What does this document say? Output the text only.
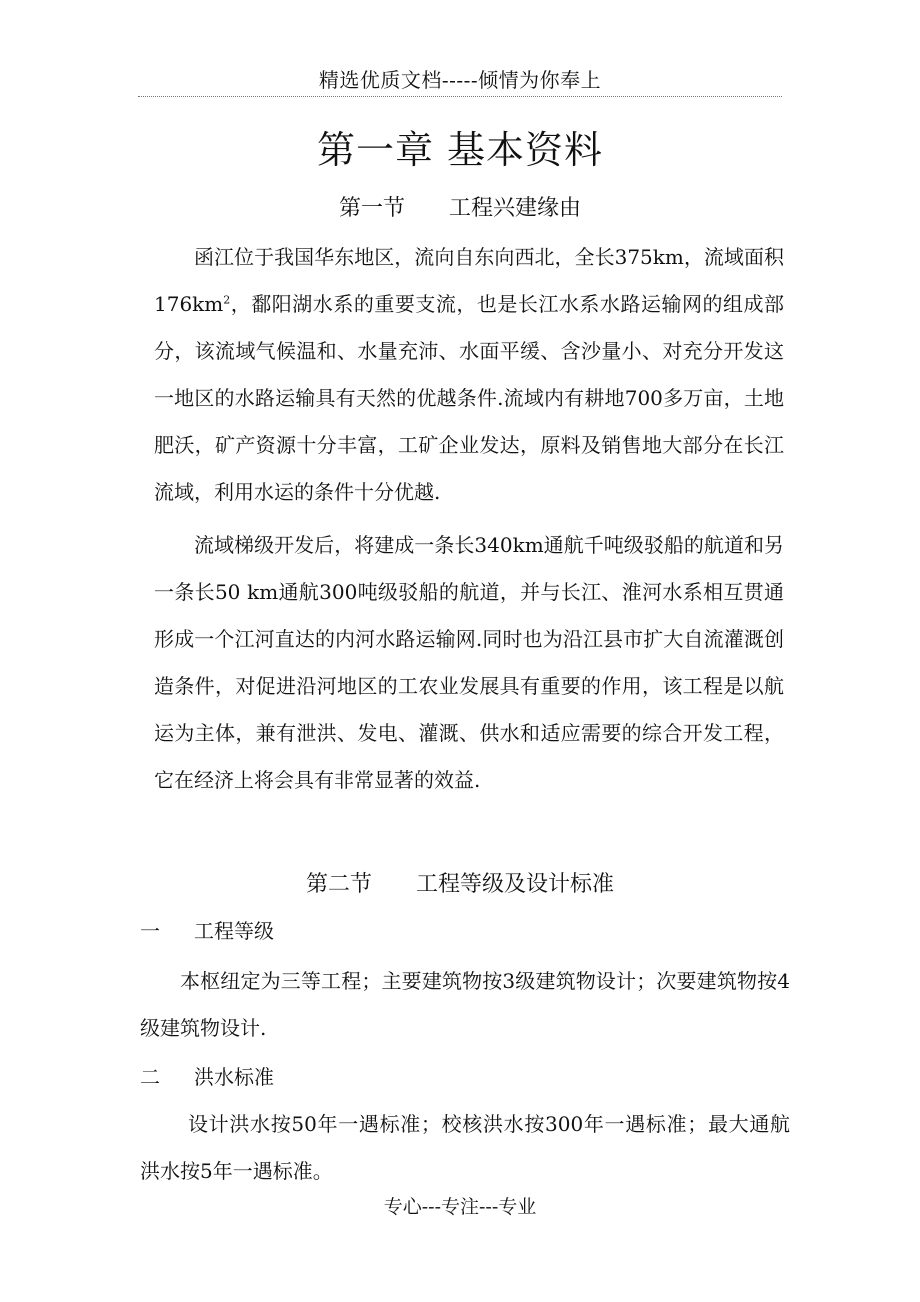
精选优质文档-----倾情为你奉上
第一章 基本资料
第一节 工程兴建缘由
函江位于我国华东地区，流向自东向西北，全长375km，流域面积$176km^2$，鄱阳湖水系的重要支流，也是长江水系水路运输网的组成部分，该流域气候温和、水量充沛、水面平缓、含沙量小、对充分开发这一地区的水路运输具有天然的优越条件.流域内有耕地700多万亩，土地肥沃，矿产资源十分丰富，工矿企业发达，原料及销售地大部分在长江流域，利用水运的条件十分优越.
流域梯级开发后，将建成一条长340km通航千吨级驳船的航道和另一条长50 km通航300吨级驳船的航道，并与长江、淮河水系相互贯通形成一个江河直达的内河水路运输网.同时也为沿江县市扩大自流灌溉创造条件，对促进沿河地区的工农业发展具有重要的作用，该工程是以航运为主体，兼有泄洪、发电、灌溉、供水和适应需要的综合开发工程，它在经济上将会具有非常显著的效益.
第二节 工程等级及设计标准
一 工程等级
本枢纽定为三等工程；主要建筑物按3级建筑物设计；次要建筑物按4级建筑物设计.
二 洪水标准
设计洪水按50年一遇标准；校核洪水按300年一遇标准；最大通航洪水按5年一遇标准。
专心---专注---专业
